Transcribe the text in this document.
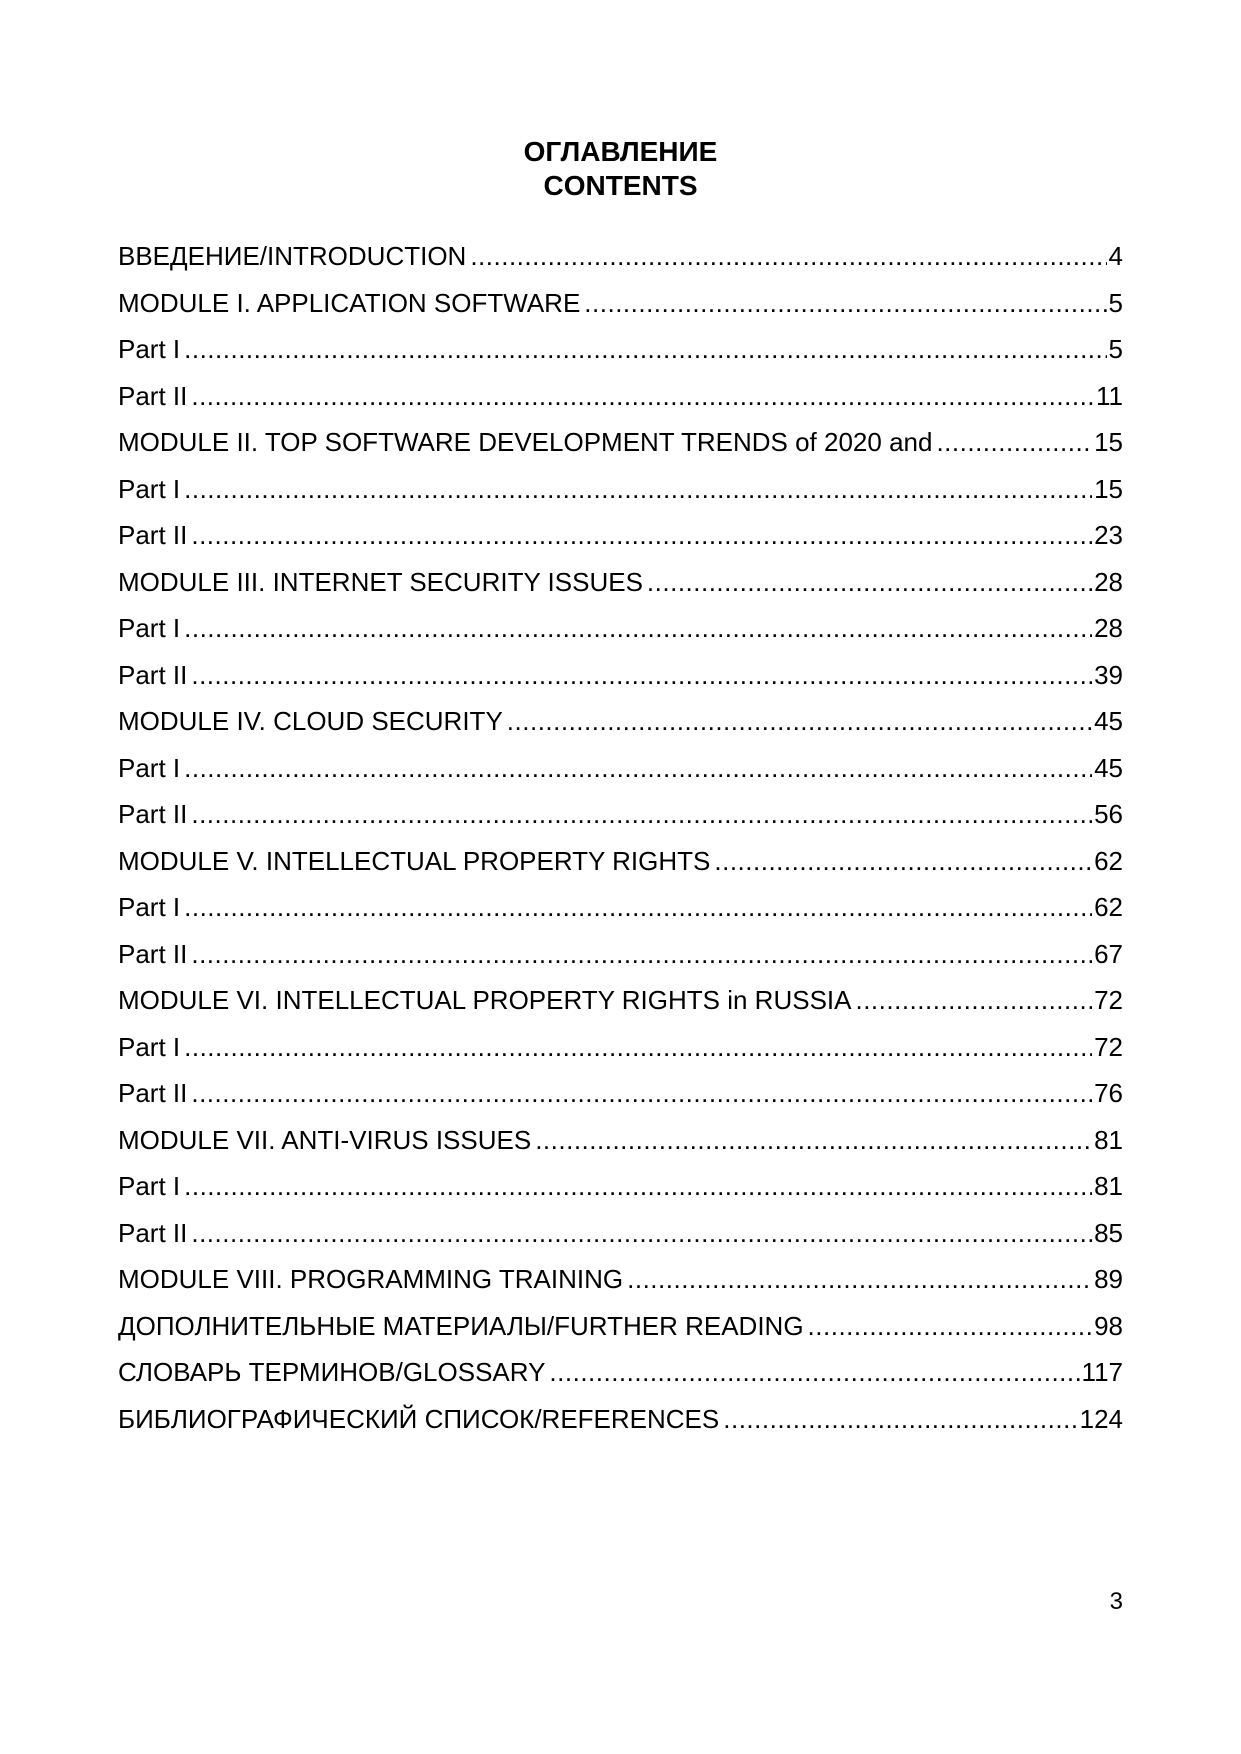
ОГЛАВЛЕНИЕ
CONTENTS
ВВЕДЕНИЕ/INTRODUCTION .....	4
MODULE I. APPLICATION SOFTWARE .....	5
Part I .....	5
Part II .....	11
MODULE II. TOP SOFTWARE DEVELOPMENT TRENDS of 2020 and .....	15
Part I .....	15
Part II .....	23
MODULE III. INTERNET SECURITY ISSUES .....	28
Part I .....	28
Part II .....	39
MODULE IV. CLOUD SECURITY .....	45
Part I .....	45
Part II .....	56
MODULE V. INTELLECTUAL PROPERTY RIGHTS .....	62
Part I .....	62
Part II .....	67
MODULE VI. INTELLECTUAL PROPERTY RIGHTS in RUSSIA .....	72
Part I .....	72
Part II .....	76
MODULE VII. ANTI-VIRUS ISSUES .....	81
Part I .....	81
Part II .....	85
MODULE VIII. PROGRAMMING TRAINING .....	89
ДОПОЛНИТЕЛЬНЫЕ МАТЕРИАЛЫ/FURTHER READING .....	98
СЛОВАРЬ ТЕРМИНОВ/GLOSSARY .....	117
БИБЛИОГРАФИЧЕСКИЙ СПИСОК/REFERENCES .....	124
3
